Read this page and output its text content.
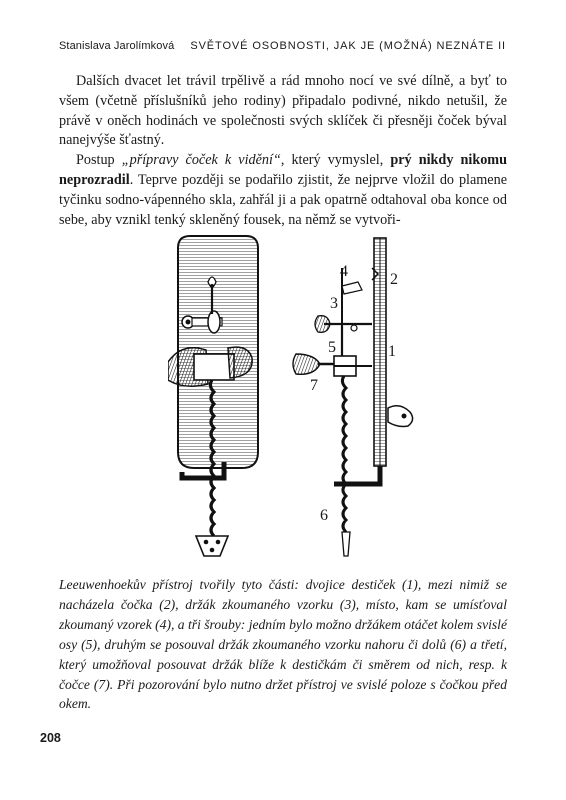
Stanislava Jarolímková SVĚTOVÉ OSOBNOSTI, JAK JE (MOŽNÁ) NEZNÁTE II

Dalších dvacet let trávil trpělivě a rád mnoho nocí ve své dílně, a byť to všem (včetně příslušníků jeho rodiny) připadalo podivné, nikdo netušil, že právě v oněch hodinách ve společnosti svých sklíček či přesněji čoček býval nanejvýše šťastný.

Postup „přípravy čoček k vidění“, který vymyslel, prý nikdy nikomu neprozradil. Teprve později se podařilo zjistit, že nejprve vložil do plamene tyčinku sodno-vápenného skla, zahřál ji a pak opatrně odtahoval oba konce od sebe, aby vznikl tenký skleněný fousek, na němž se vytvoři-

4	2
3
1
5
7
6

Leeuwenhoekův přístroj tvořily tyto části: dvojice destiček (1), mezi nimiž se nacházela čočka (2), držák zkoumaného vzorku (3), místo, kam se umísťoval zkoumaný vzorek (4), a tři šrouby: jedním bylo možno držákem otáčet kolem svislé osy (5), druhým se posouval držák zkoumaného vzorku nahoru či dolů (6) a třetí, který umožňoval posouvat držák blíže k destičkám či směrem od nich, resp. k čočce (7). Při pozorování bylo nutno držet přístroj ve svislé poloze s čočkou před okem.

208
